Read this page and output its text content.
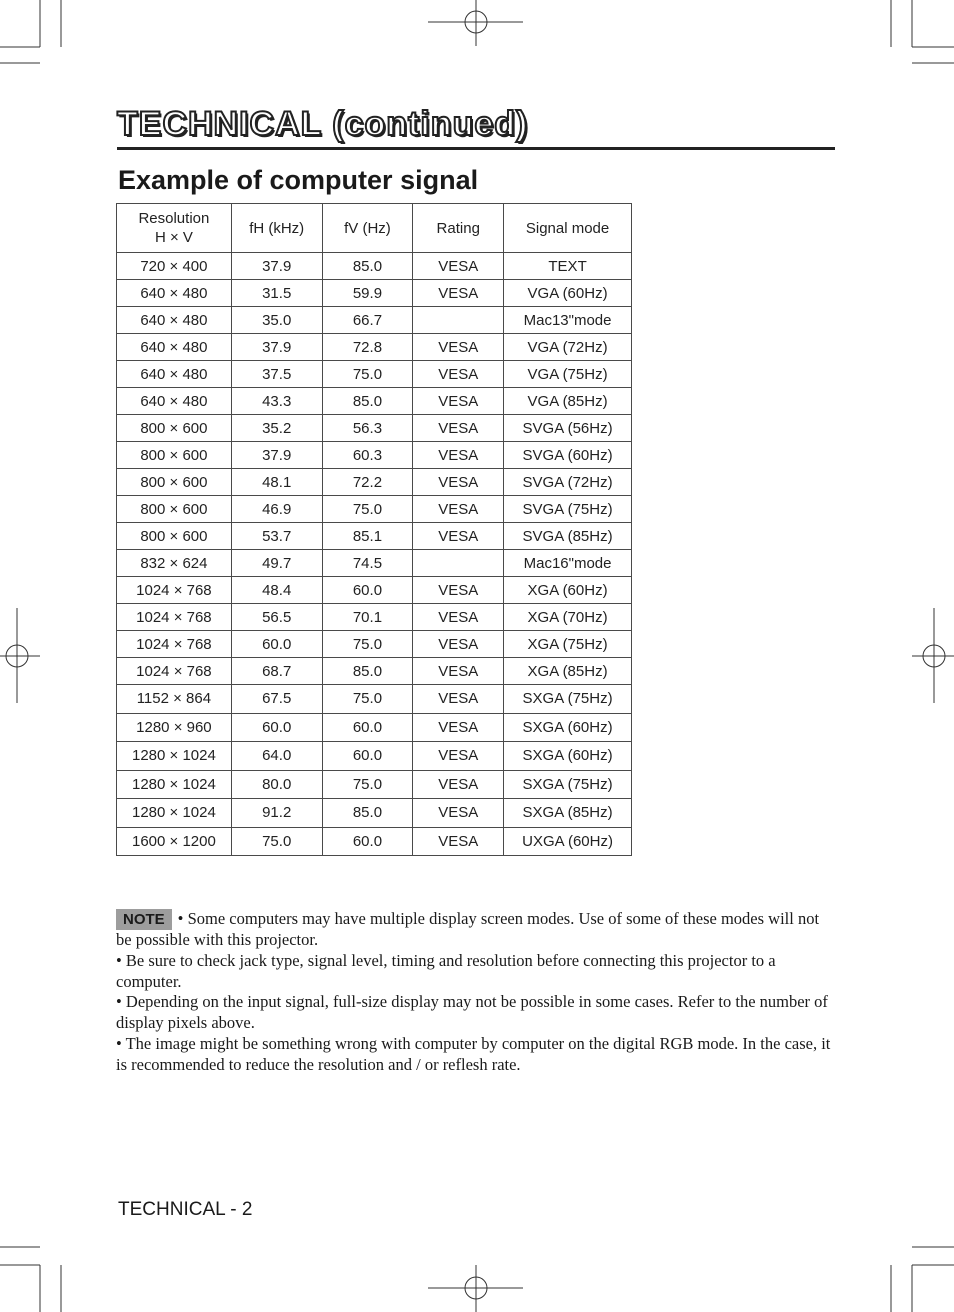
TECHNICAL (continued)
Example of computer signal
Resolution
H × V	fH (kHz)	fV (Hz)	Rating	Signal mode
720 × 400	37.9	85.0	VESA	TEXT
640 × 480	31.5	59.9	VESA	VGA (60Hz)
640 × 480	35.0	66.7		Mac13"mode
640 × 480	37.9	72.8	VESA	VGA (72Hz)
640 × 480	37.5	75.0	VESA	VGA (75Hz)
640 × 480	43.3	85.0	VESA	VGA (85Hz)
800 × 600	35.2	56.3	VESA	SVGA (56Hz)
800 × 600	37.9	60.3	VESA	SVGA (60Hz)
800 × 600	48.1	72.2	VESA	SVGA (72Hz)
800 × 600	46.9	75.0	VESA	SVGA (75Hz)
800 × 600	53.7	85.1	VESA	SVGA (85Hz)
832 × 624	49.7	74.5		Mac16"mode
1024 × 768	48.4	60.0	VESA	XGA (60Hz)
1024 × 768	56.5	70.1	VESA	XGA (70Hz)
1024 × 768	60.0	75.0	VESA	XGA (75Hz)
1024 × 768	68.7	85.0	VESA	XGA (85Hz)
1152 × 864	67.5	75.0	VESA	SXGA (75Hz)
1280 × 960	60.0	60.0	VESA	SXGA (60Hz)
1280 × 1024	64.0	60.0	VESA	SXGA (60Hz)
1280 × 1024	80.0	75.0	VESA	SXGA (75Hz)
1280 × 1024	91.2	85.0	VESA	SXGA (85Hz)
1600 × 1200	75.0	60.0	VESA	UXGA (60Hz)

NOTE • Some computers may have multiple display screen modes. Use of some of these modes will not be possible with this projector.

• Be sure to check jack type, signal level, timing and resolution before connecting this projector to a computer.

• Depending on the input signal, full-size display may not be possible in some cases. Refer to the number of display pixels above.

• The image might be something wrong with computer by computer on the digital RGB mode. In the case, it is recommended to reduce the resolution and / or reflesh rate.

TECHNICAL - 2
